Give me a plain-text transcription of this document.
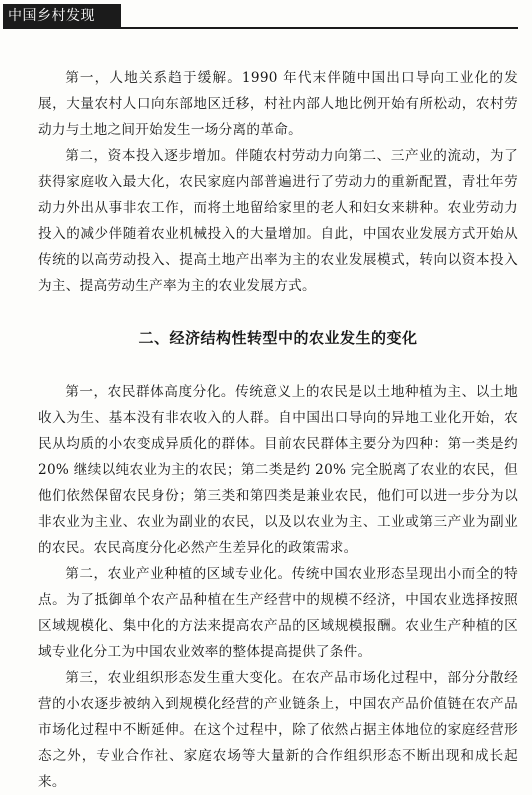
中国乡村发现

第一，人地关系趋于缓解。1990 年代末伴随中国出口导向工业化的发展，大量农村人口向东部地区迁移，村社内部人地比例开始有所松动，农村劳动力与土地之间开始发生一场分离的革命。

第二，资本投入逐步增加。伴随农村劳动力向第二、三产业的流动，为了获得家庭收入最大化，农民家庭内部普遍进行了劳动力的重新配置，青壮年劳动力外出从事非农工作，而将土地留给家里的老人和妇女来耕种。农业劳动力投入的减少伴随着农业机械投入的大量增加。自此，中国农业发展方式开始从传统的以高劳动投入、提高土地产出率为主的农业发展模式，转向以资本投入为主、提高劳动生产率为主的农业发展方式。

二、经济结构性转型中的农业发生的变化

第一，农民群体高度分化。传统意义上的农民是以土地种植为主、以土地收入为生、基本没有非农收入的人群。自中国出口导向的异地工业化开始，农民从均质的小农变成异质化的群体。目前农民群体主要分为四种：第一类是约 20% 继续以纯农业为主的农民；第二类是约 20% 完全脱离了农业的农民，但他们依然保留农民身份；第三类和第四类是兼业农民，他们可以进一步分为以非农业为主业、农业为副业的农民，以及以农业为主、工业或第三产业为副业的农民。农民高度分化必然产生差异化的政策需求。

第二，农业产业种植的区域专业化。传统中国农业形态呈现出小而全的特点。为了抵御单个农产品种植在生产经营中的规模不经济，中国农业选择按照区域规模化、集中化的方法来提高农产品的区域规模报酬。农业生产种植的区域专业化分工为中国农业效率的整体提高提供了条件。

第三，农业组织形态发生重大变化。在农产品市场化过程中，部分分散经营的小农逐步被纳入到规模化经营的产业链条上，中国农产品价值链在农产品市场化过程中不断延伸。在这个过程中，除了依然占据主体地位的家庭经营形态之外，专业合作社、家庭农场等大量新的合作组织形态不断出现和成长起来。
